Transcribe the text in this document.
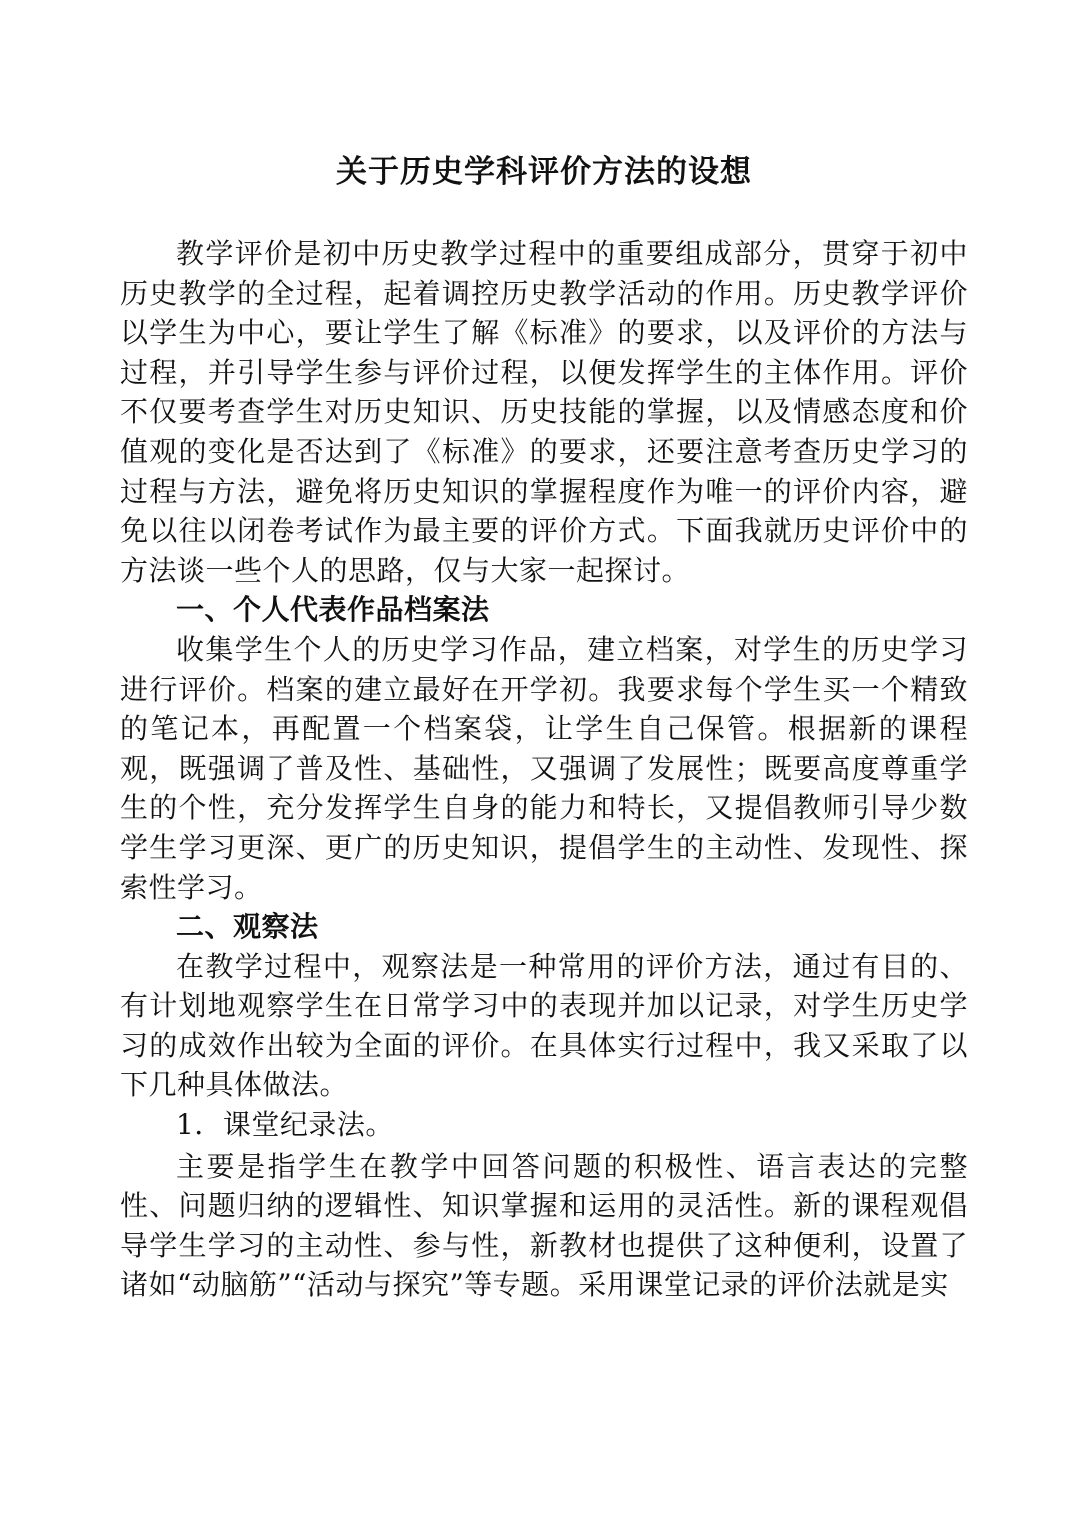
关于历史学科评价方法的设想

教学评价是初中历史教学过程中的重要组成部分，贯穿于初中历史教学的全过程，起着调控历史教学活动的作用。历史教学评价以学生为中心，要让学生了解《标准》的要求，以及评价的方法与过程，并引导学生参与评价过程，以便发挥学生的主体作用。评价不仅要考查学生对历史知识、历史技能的掌握，以及情感态度和价值观的变化是否达到了《标准》的要求，还要注意考查历史学习的过程与方法，避免将历史知识的掌握程度作为唯一的评价内容，避免以往以闭卷考试作为最主要的评价方式。下面我就历史评价中的方法谈一些个人的思路，仅与大家一起探讨。

一、个人代表作品档案法

收集学生个人的历史学习作品，建立档案，对学生的历史学习进行评价。档案的建立最好在开学初。我要求每个学生买一个精致的笔记本，再配置一个档案袋，让学生自己保管。根据新的课程观，既强调了普及性、基础性，又强调了发展性；既要高度尊重学生的个性，充分发挥学生自身的能力和特长，又提倡教师引导少数学生学习更深、更广的历史知识，提倡学生的主动性、发现性、探索性学习。

二、观察法

在教学过程中，观察法是一种常用的评价方法，通过有目的、有计划地观察学生在日常学习中的表现并加以记录，对学生历史学习的成效作出较为全面的评价。在具体实行过程中，我又采取了以下几种具体做法。

1．课堂纪录法。

主要是指学生在教学中回答问题的积极性、语言表达的完整性、问题归纳的逻辑性、知识掌握和运用的灵活性。新的课程观倡导学生学习的主动性、参与性，新教材也提供了这种便利，设置了诸如“动脑筋”“活动与探究”等专题。采用课堂记录的评价法就是实
